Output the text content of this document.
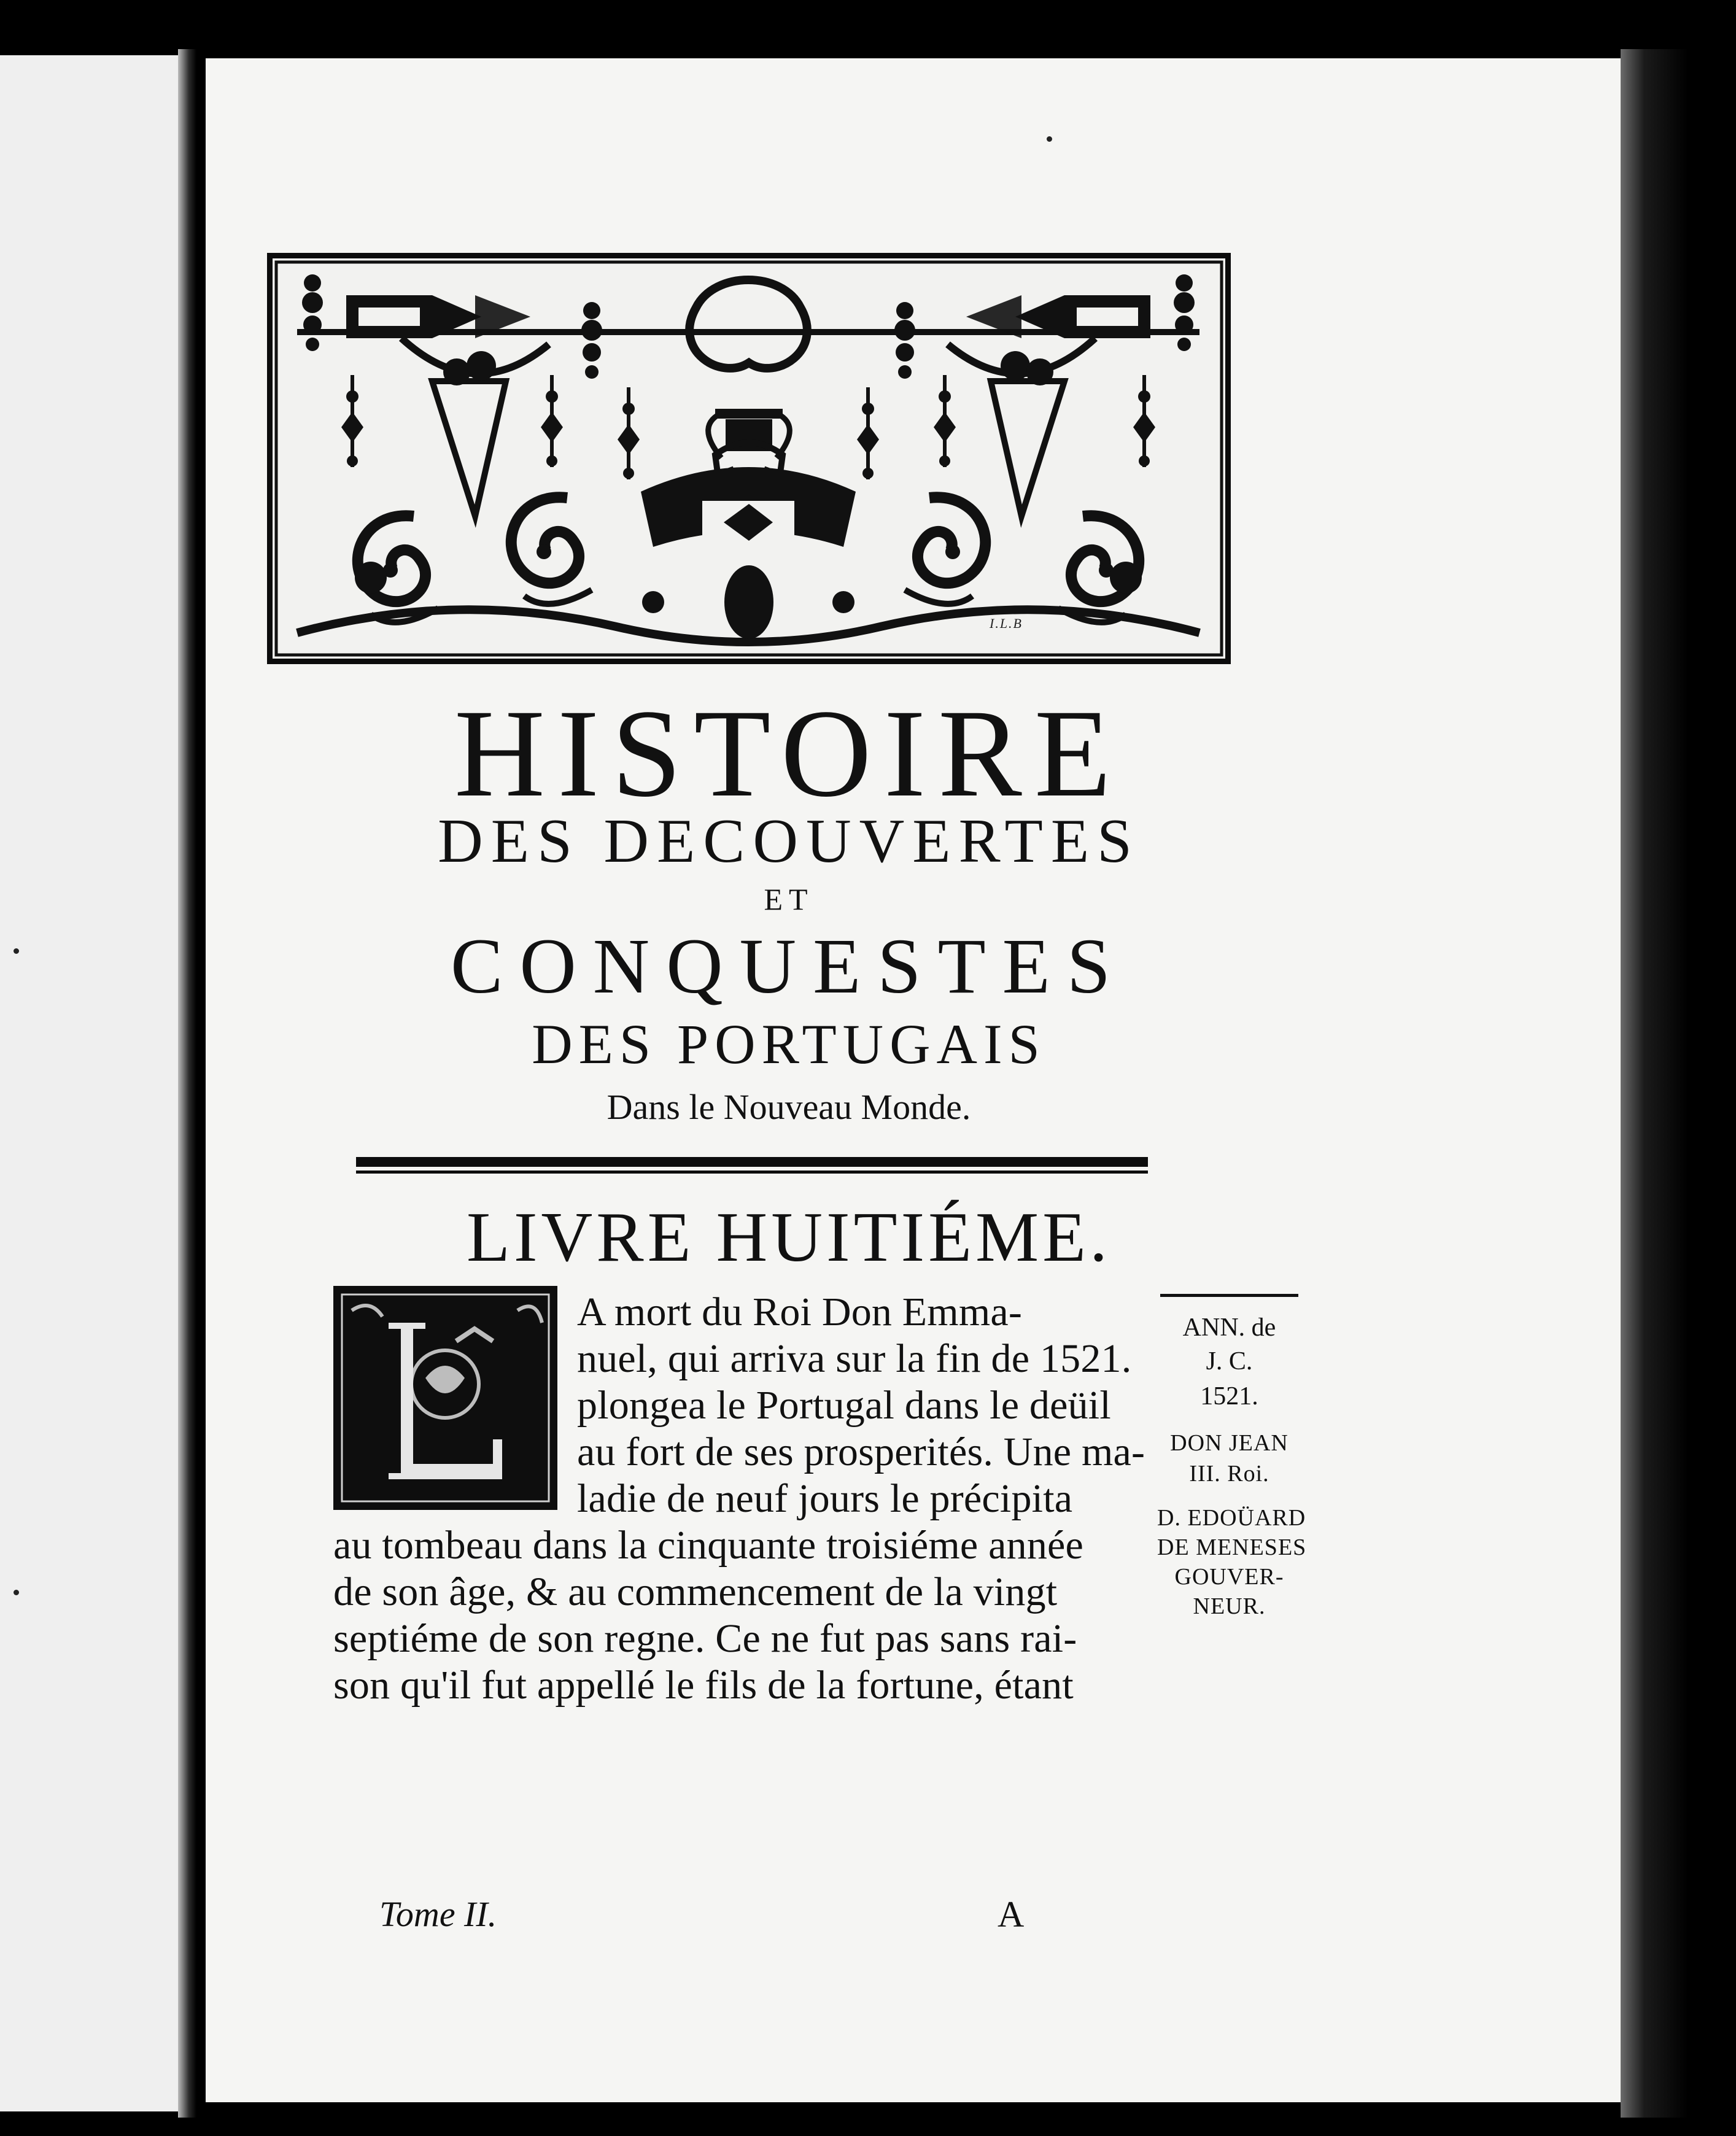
I.L.B
HISTOIRE
DES DECOUVERTES
ET
CONQUESTES
DES PORTUGAIS
Dans le Nouveau Monde.
LIVRE HUITIÉME.
A mort du Roi Don Emma-
nuel, qui arriva sur la fin de 1521.
plongea le Portugal dans le deüil
au fort de ses prosperités. Une ma-
ladie de neuf jours le précipita
au tombeau dans la cinquante troisiéme année
de son âge, & au commencement de la vingt
septiéme de son regne. Ce ne fut pas sans rai-
son qu'il fut appellé le fils de la fortune, étant
ANN. de
J. C.
1521.
DON JEAN
III. Roi.
D. EDOÜARD
DE MENESES
GOUVER-
NEUR.
Tome II.	A
